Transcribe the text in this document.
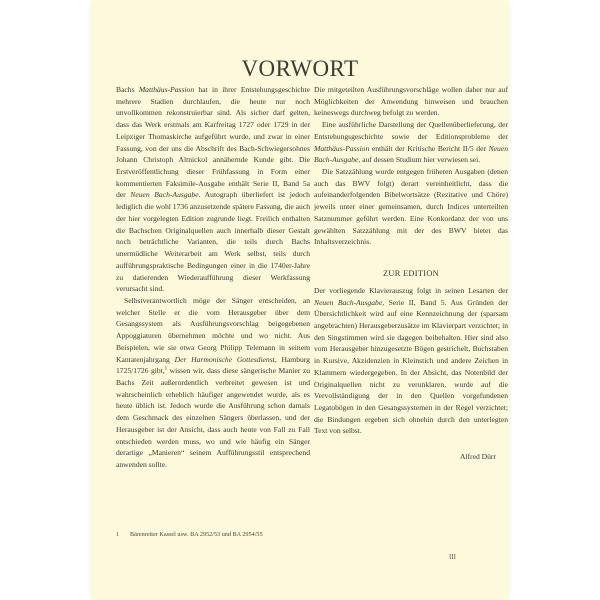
VORWORT

Bachs Matthäus-Passion hat in ihrer Entstehungsgeschichte mehrere Stadien durchlaufen, die heute nur noch unvollkommen rekonstruierbar sind. Als sicher darf gelten, dass das Werk erstmals am Karfreitag 1727 oder 1729 in der Leipziger Thomaskirche aufgeführt wurde, und zwar in einer Fassung, von der uns die Abschrift des Bach-Schwiegersohnes Johann Christoph Altnickol annähernde Kunde gibt. Die Erstveröffentlichung dieser Frühfassung in Form einer kommentierten Faksimile-Ausgabe enthält Serie II, Band 5a der Neuen Bach-Ausgabe. Autograph überliefert ist jedoch lediglich die wohl 1736 anzusetzende spätere Fassung, die auch der hier vorgelegten Edition zugrunde liegt. Freilich enthalten die Bachschen Originalquellen auch innerhalb dieser Gestalt noch beträchtliche Varianten, die teils durch Bachs unermüdliche Weiterarbeit am Werk selbst, teils durch aufführungspraktische Bedingungen einer in die 1740er-Jahre zu datierenden Wiederaufführung dieser Werkfassung verursacht sind.

Selbstverantwortlich möge der Sänger entscheiden, an welcher Stelle er die vom Herausgeber über dem Gesangssystem als Ausführungsvorschlag beigegebenen Appoggiaturen übernehmen möchte und wo nicht. Aus Beispielen, wie sie etwa Georg Philipp Telemann in seinem Kantatenjahrgang Der Harmonische Gottesdienst, Hamburg 1725/1726 gibt,$^1$ wissen wir, dass diese sängerische Manier zu Bachs Zeit außerordentlich verbreitet gewesen ist und wahrscheinlich erheblich häufiger angewendet wurde, als es heute üblich ist. Jedoch wurde die Ausführung schon damals dem Geschmack des einzelnen Sängers überlassen, und der Herausgeber ist der Ansicht, dass auch heute von Fall zu Fall entschieden werden muss, wo und wie häufig ein Sänger derartige „Manieren“ seinem Aufführungsstil entsprechend anwenden sollte.

Die mitgeteilten Ausführungsvorschläge wollen daher nur auf Möglichkeiten der Anwendung hinweisen und brauchen keineswegs durchweg befolgt zu werden.

Eine ausführliche Darstellung der Quellenüberlieferung, der Entstehungsgeschichte sowie der Editionsprobleme der Matthäus-Passion enthält der Kritische Bericht II/5 der Neuen Bach-Ausgabe, auf dessen Studium hier verwiesen sei.

Die Satzzählung wurde entgegen früheren Ausgaben (denen auch das BWV folgt) derart vereinheitlicht, dass die aufeinanderfolgenden Bibelwortsätze (Rezitative und Chöre) jeweils unter einer gemeinsamen, durch Indices unterteilten Satznummer geführt werden. Eine Konkordanz der von uns gewählten Satzzählung mit der des BWV bietet das Inhaltsverzeichnis.

ZUR EDITION

Der vorliegende Klavierauszug folgt in seinen Lesarten der Neuen Bach-Ausgabe, Serie II, Band 5. Aus Gründen der Übersichtlichkeit wird auf eine Kennzeichnung der (sparsam angebrachten) Herausgeberzusätze im Klavierpart verzichtet; in den Singstimmen wird sie dagegen beibehalten. Hier sind also vom Herausgeber hinzugesetzte Bögen gestrichelt, Buchstaben in Kursive, Akzidenzien in Kleinstich und andere Zeichen in Klammern wiedergegeben. In der Absicht, das Notenbild der Originalquellen nicht zu verunklaren, wurde auf die Vervollständigung der in den Quellen vorgefundenen Legatobögen in den Gesangssystemen in der Regel verzichtet; die Bindungen ergeben sich ohnehin durch den unterlegten Text von selbst.

Alfred Dürr
1 Bärenreiter Kassel usw. BA 2952/53 und BA 2954/55
III
